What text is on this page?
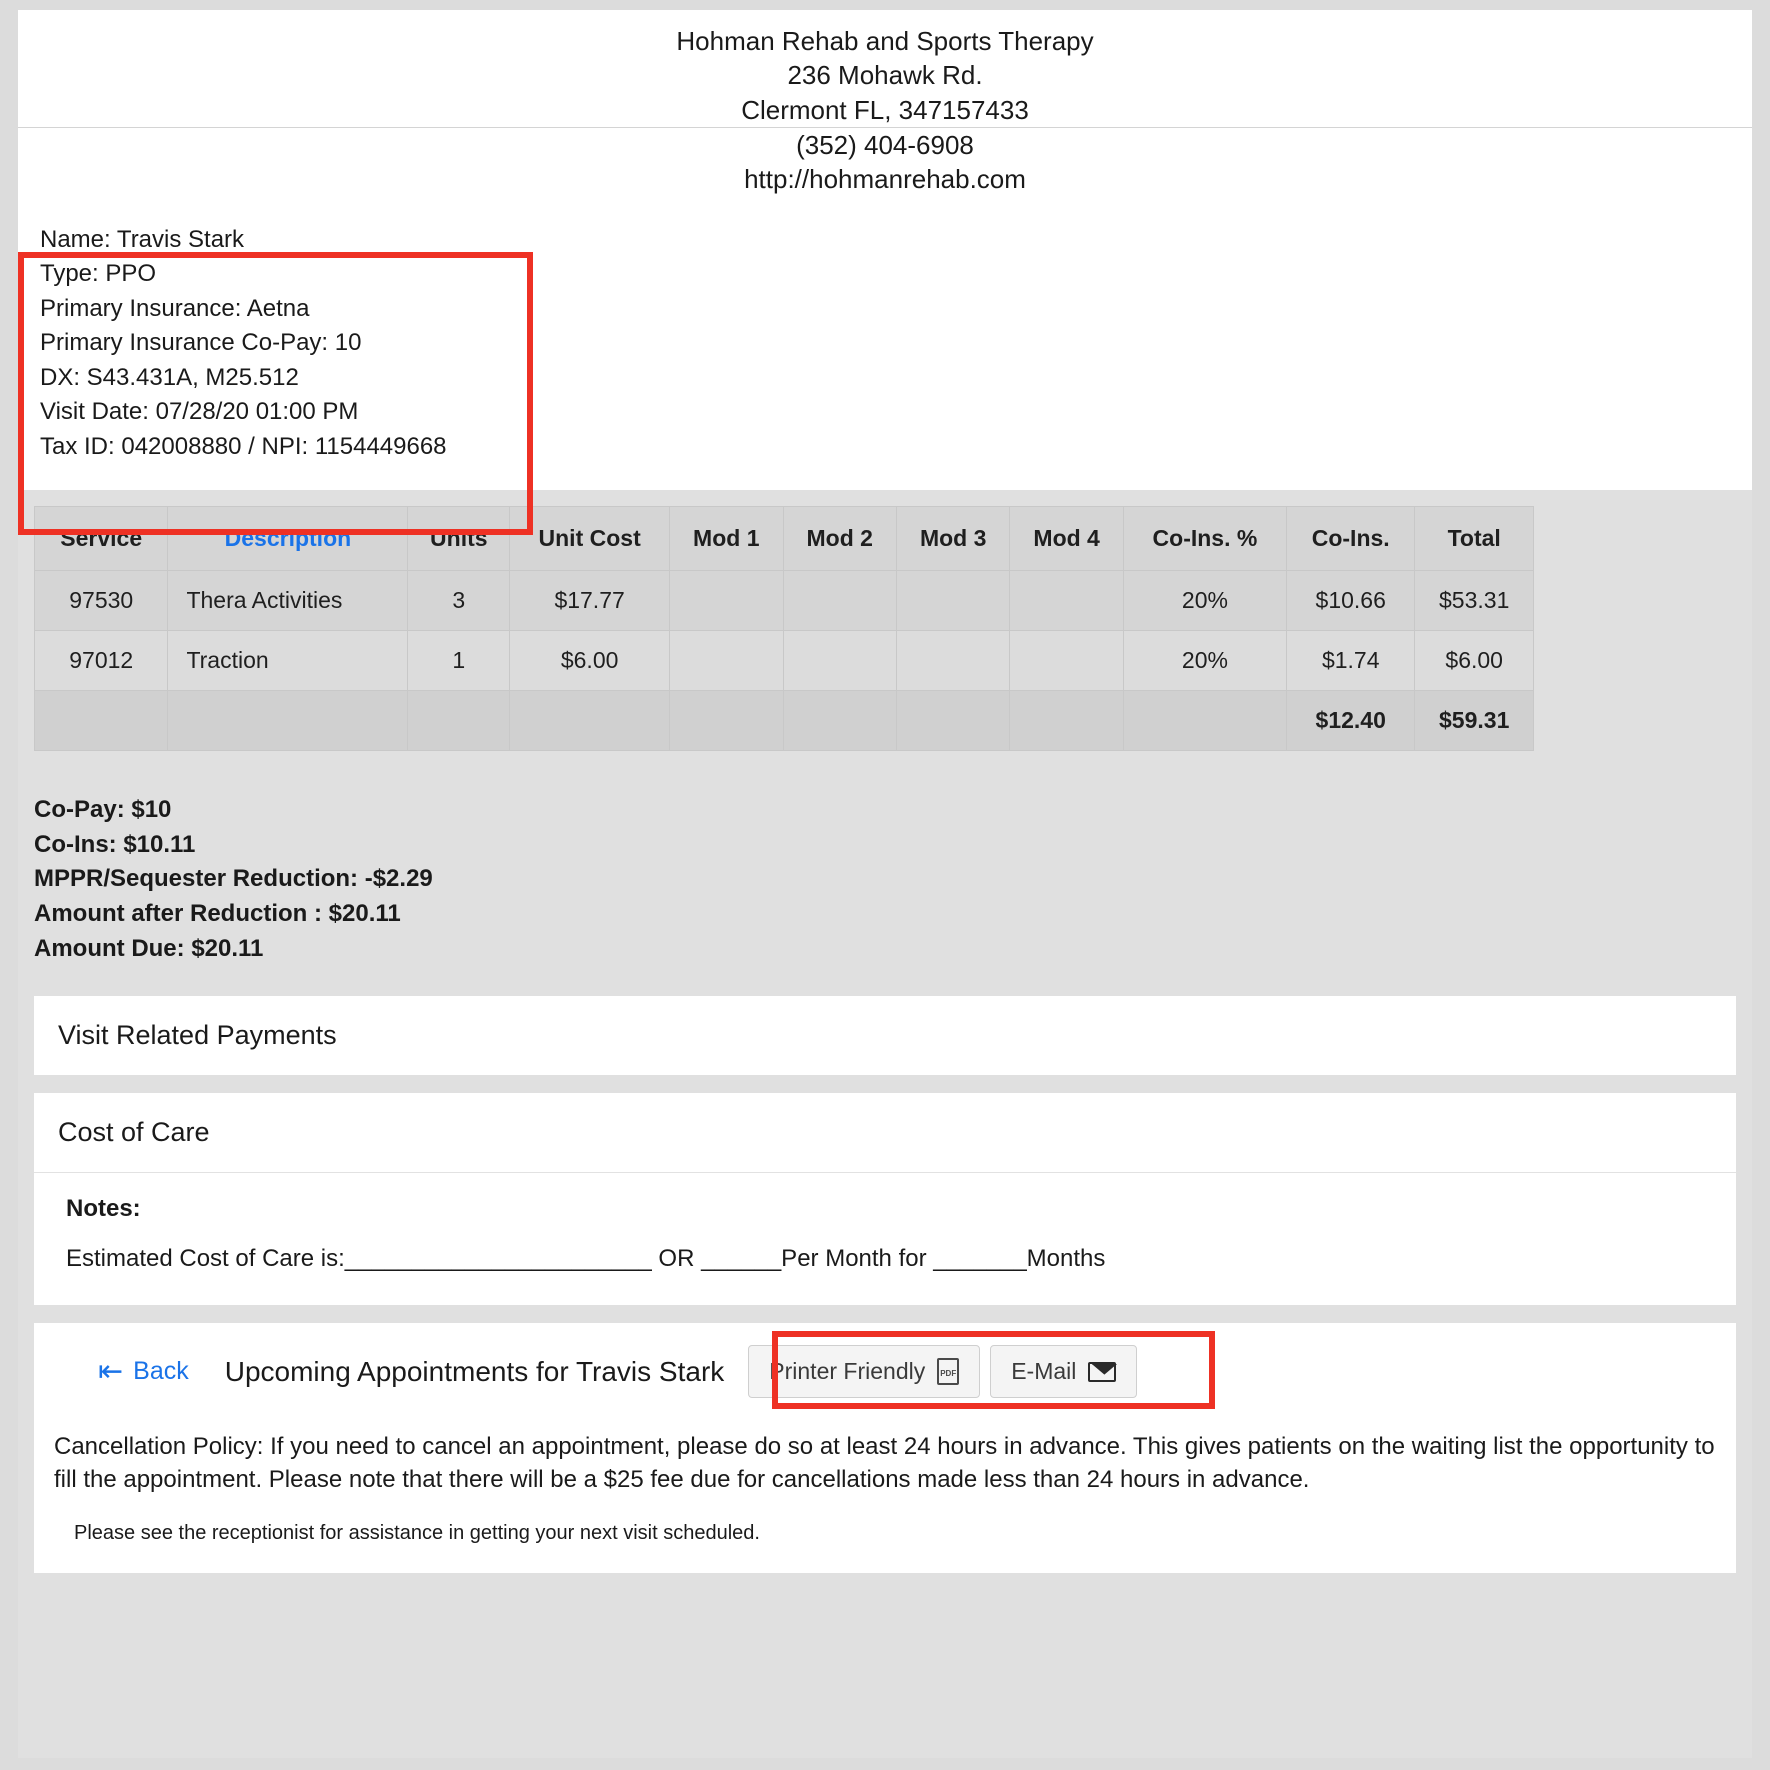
Hohman Rehab and Sports Therapy
236 Mohawk Rd.
Clermont FL, 347157433
(352) 404-6908
http://hohmanrehab.com
Name: Travis Stark
Type: PPO
Primary Insurance: Aetna
Primary Insurance Co-Pay: 10
DX: S43.431A, M25.512
Visit Date: 07/28/20 01:00 PM
Tax ID: 042008880 / NPI: 1154449668
Service	Description	Units	Unit Cost	Mod 1	Mod 2	Mod 3	Mod 4	Co-Ins. %	Co-Ins.	Total
97530	Thera Activities	3	$17.77					20%	$10.66	$53.31
97012	Traction	1	$6.00					20%	$1.74	$6.00
									$12.40	$59.31
Co-Pay: $10
Co-Ins: $10.11
MPPR/Sequester Reduction: -$2.29
Amount after Reduction : $20.11
Amount Due: $20.11
Visit Related Payments
Cost of Care
Notes:
Estimated Cost of Care is:_______________________ OR ______Per Month for _______Months
⇤ Back Upcoming Appointments for Travis Stark Printer Friendly	PDF E-Mail
Cancellation Policy: If you need to cancel an appointment, please do so at least 24 hours in advance. This gives patients on the waiting list the opportunity to fill the appointment. Please note that there will be a $25 fee due for cancellations made less than 24 hours in advance.
Please see the receptionist for assistance in getting your next visit scheduled.
